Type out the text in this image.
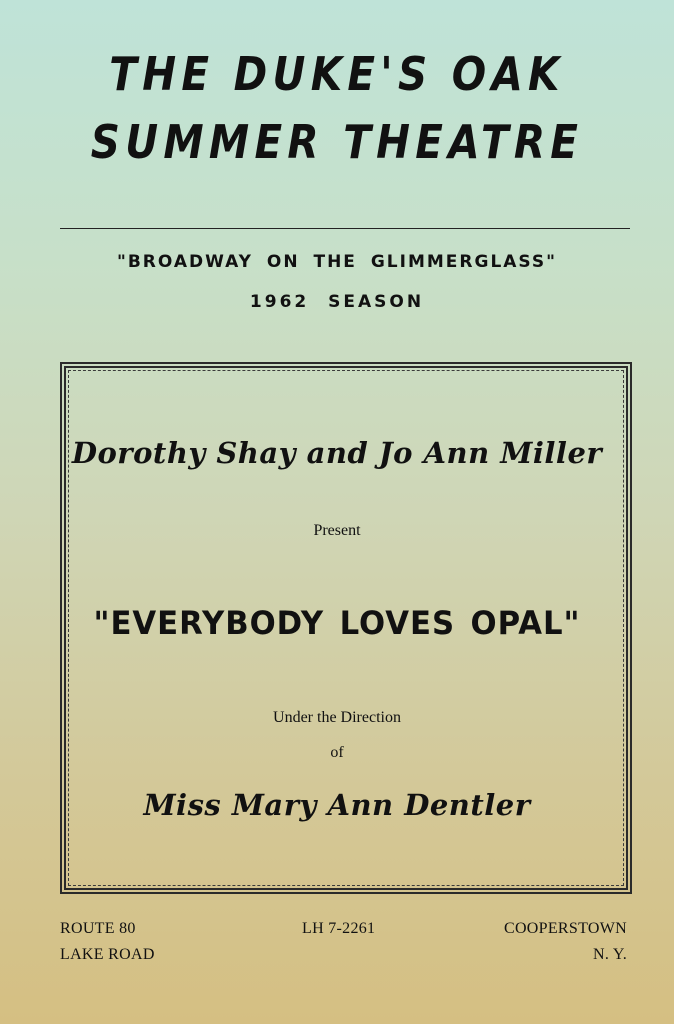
THE DUKE'S OAK
SUMMER THEATRE
"BROADWAY ON THE GLIMMERGLASS"
1962 SEASON
Dorothy Shay and Jo Ann Miller
Present
"EVERYBODY LOVES OPAL"
Under the Direction
of
Miss Mary Ann Dentler
ROUTE 80
LAKE ROAD
LH 7-2261	COOPERSTOWN
N. Y.
